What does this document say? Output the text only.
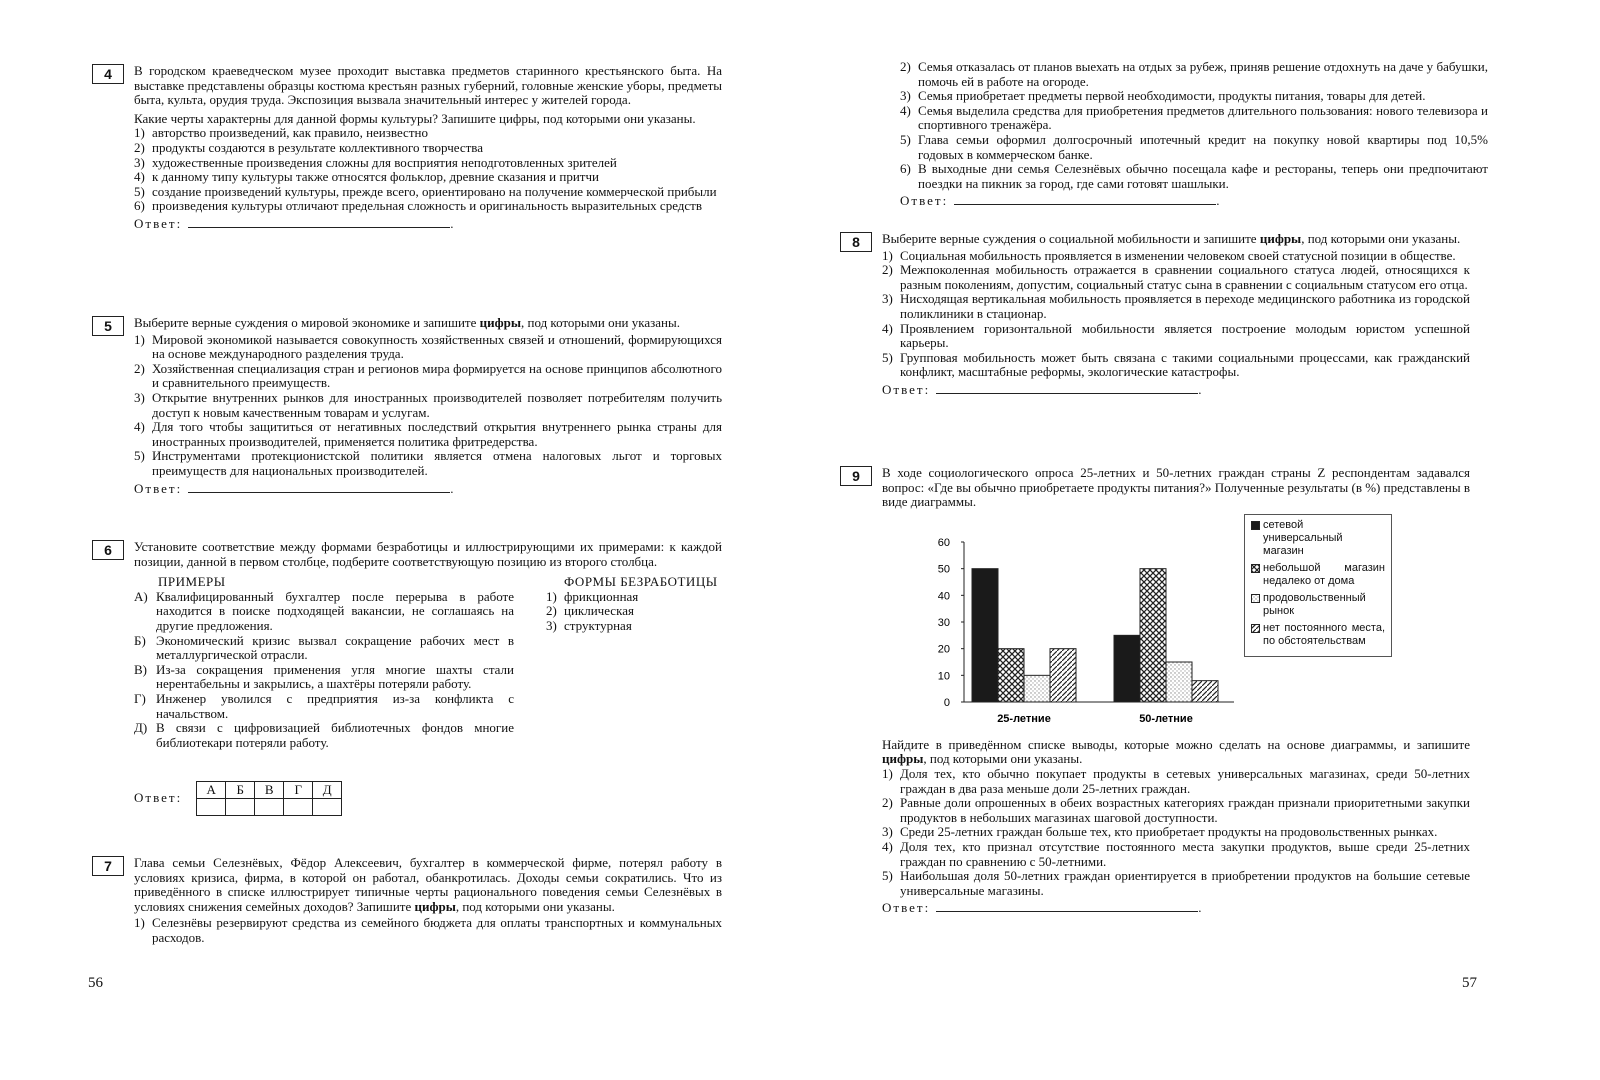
4	В городском краеведческом музее проходит выставка предметов старинного крестьянского быта. На выставке представлены образцы костюма крестьян разных губерний, головные женские уборы, предметы быта, культа, орудия труда. Экспозиция вызвала значительный интерес у жителей города.

Какие черты характерны для данной формы культуры? Запишите цифры, под которыми они указаны.

1) авторство произведений, как правило, неизвестно
2) продукты создаются в результате коллективного творчества
3) художественные произведения сложны для восприятия неподготовленных зрителей
4) к данному типу культуры также относятся фольклор, древние сказания и притчи
5) создание произведений культуры, прежде всего, ориентировано на получение коммерческой прибыли
6) произведения культуры отличают предельная сложность и оригинальность выразительных средств
Ответ:	.
5	Выберите верные суждения о мировой экономике и запишите цифры, под которыми они указаны.

1) Мировой экономикой называется совокупность хозяйственных связей и отношений, формирующихся на основе международного разделения труда.
2) Хозяйственная специализация стран и регионов мира формируется на основе принципов абсолютного и сравнительного преимуществ.
3) Открытие внутренних рынков для иностранных производителей позволяет потребителям получить доступ к новым качественным товарам и услугам.
4) Для того чтобы защититься от негативных последствий открытия внутреннего рынка страны для иностранных производителей, применяется политика фритредерства.
5) Инструментами протекционистской политики является отмена налоговых льгот и торговых преимуществ для национальных производителей.
Ответ:	.
6	Установите соответствие между формами безработицы и иллюстрирующими их примерами: к каждой позиции, данной в первом столбце, подберите соответствующую позицию из второго столбца.

ПРИМЕРЫ
А) Квалифицированный бухгалтер после перерыва в работе находится в поиске подходящей вакансии, не соглашаясь на другие предложения.
Б) Экономический кризис вызвал сокращение рабочих мест в металлургической отрасли.
В) Из-за сокращения применения угля многие шахты стали нерентабельны и закрылись, а шахтёры потеряли работу.
Г) Инженер уволился с предприятия из-за конфликта с начальством.
Д) В связи с цифровизацией библиотечных фондов многие библиотекари потеряли работу.
ФОРМЫ БЕЗРАБОТИЦЫ
1) фрикционная
2) циклическая
3) структурная
Ответ:
А	Б	В	Г	Д

7	Глава семьи Селезнёвых, Фёдор Алексеевич, бухгалтер в коммерческой фирме, потерял работу в условиях кризиса, фирма, в которой он работал, обанкротилась. Доходы семьи сократились. Что из приведённого в списке иллюстрирует типичные черты рационального поведения семьи Селезнёвых в условиях снижения семейных доходов? Запишите цифры, под которыми они указаны.

1) Селезнёвы резервируют средства из семейного бюджета для оплаты транспортных и коммунальных расходов.
56
2) Семья отказалась от планов выехать на отдых за рубеж, приняв решение отдохнуть на даче у бабушки, помочь ей в работе на огороде.
3) Семья приобретает предметы первой необходимости, продукты питания, товары для детей.
4) Семья выделила средства для приобретения предметов длительного пользования: нового телевизора и спортивного тренажёра.
5) Глава семьи оформил долгосрочный ипотечный кредит на покупку новой квартиры под 10,5% годовых в коммерческом банке.
6) В выходные дни семья Селезнёвых обычно посещала кафе и рестораны, теперь они предпочитают поездки на пикник за город, где сами готовят шашлыки.
Ответ:	.
8	Выберите верные суждения о социальной мобильности и запишите цифры, под которыми они указаны.

1) Социальная мобильность проявляется в изменении человеком своей статусной позиции в обществе.
2) Межпоколенная мобильность отражается в сравнении социального статуса людей, относящихся к разным поколениям, допустим, социальный статус сына в сравнении с социальным статусом его отца.
3) Нисходящая вертикальная мобильность проявляется в переходе медицинского работника из городской поликлиники в стационар.
4) Проявлением горизонтальной мобильности является построение молодым юристом успешной карьеры.
5) Групповая мобильность может быть связана с такими социальными процессами, как гражданский конфликт, масштабные реформы, экологические катастрофы.
Ответ:	.
9	В ходе социологического опроса 25-летних и 50-летних граждан страны Z респондентам задавался вопрос: «Где вы обычно приобретаете продукты питания?» Полученные результаты (в %) представлены в виде диаграммы.

0
10
20
30
40
50
60
25-летние	50-летние
сетевой универсальный магазин
небольшой магазин недалеко от дома
продовольственный рынок
нет постоянного места, по обстоятельствам

Найдите в приведённом списке выводы, которые можно сделать на основе диаграммы, и запишите цифры, под которыми они указаны.

1) Доля тех, кто обычно покупает продукты в сетевых универсальных магазинах, среди 50-летних граждан в два раза меньше доли 25-летних граждан.
2) Равные доли опрошенных в обеих возрастных категориях граждан признали приоритетными закупки продуктов в небольших магазинах шаговой доступности.
3) Среди 25-летних граждан больше тех, кто приобретает продукты на продовольственных рынках.
4) Доля тех, кто признал отсутствие постоянного места закупки продуктов, выше среди 25-летних граждан по сравнению с 50-летними.
5) Наибольшая доля 50-летних граждан ориентируется в приобретении продуктов на большие сетевые универсальные магазины.
Ответ:	.
57
